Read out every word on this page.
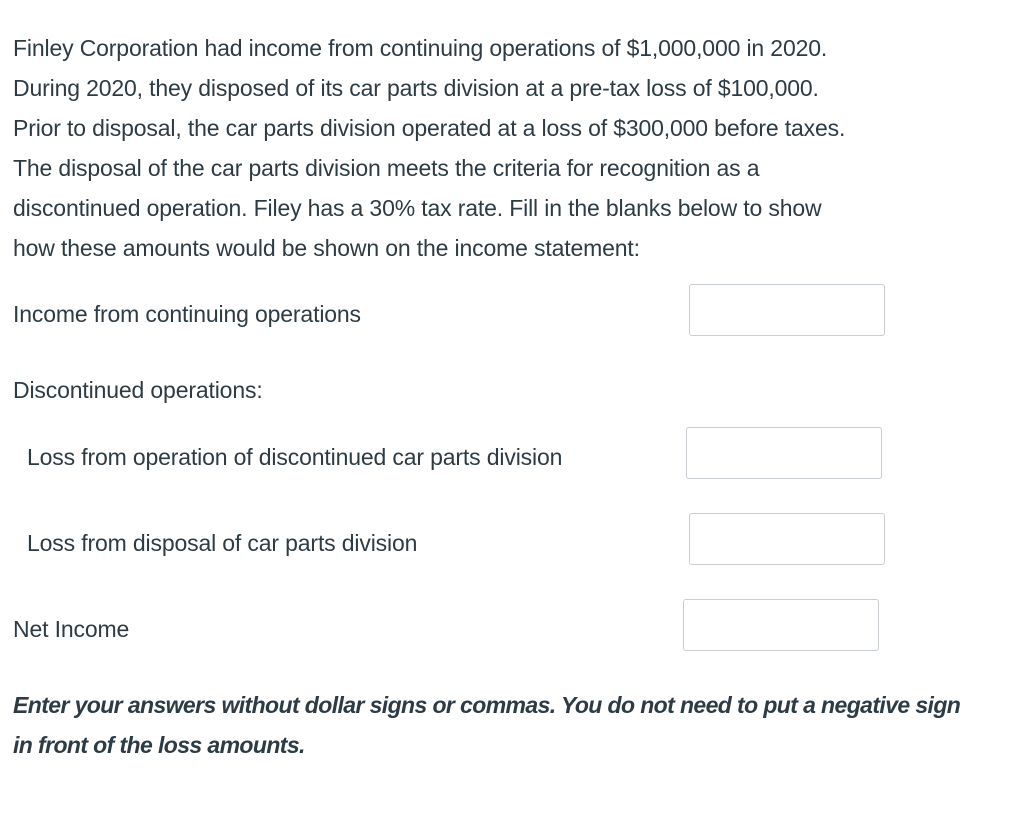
Finley Corporation had income from continuing operations of $1,000,000 in 2020.
During 2020, they disposed of its car parts division at a pre-tax loss of $100,000.
Prior to disposal, the car parts division operated at a loss of $300,000 before taxes.
The disposal of the car parts division meets the criteria for recognition as a
discontinued operation. Filey has a 30% tax rate. Fill in the blanks below to show
how these amounts would be shown on the income statement:
Income from continuing operations
Discontinued operations:
Loss from operation of discontinued car parts division
Loss from disposal of car parts division
Net Income
Enter your answers without dollar signs or commas. You do not need to put a negative sign
in front of the loss amounts.
